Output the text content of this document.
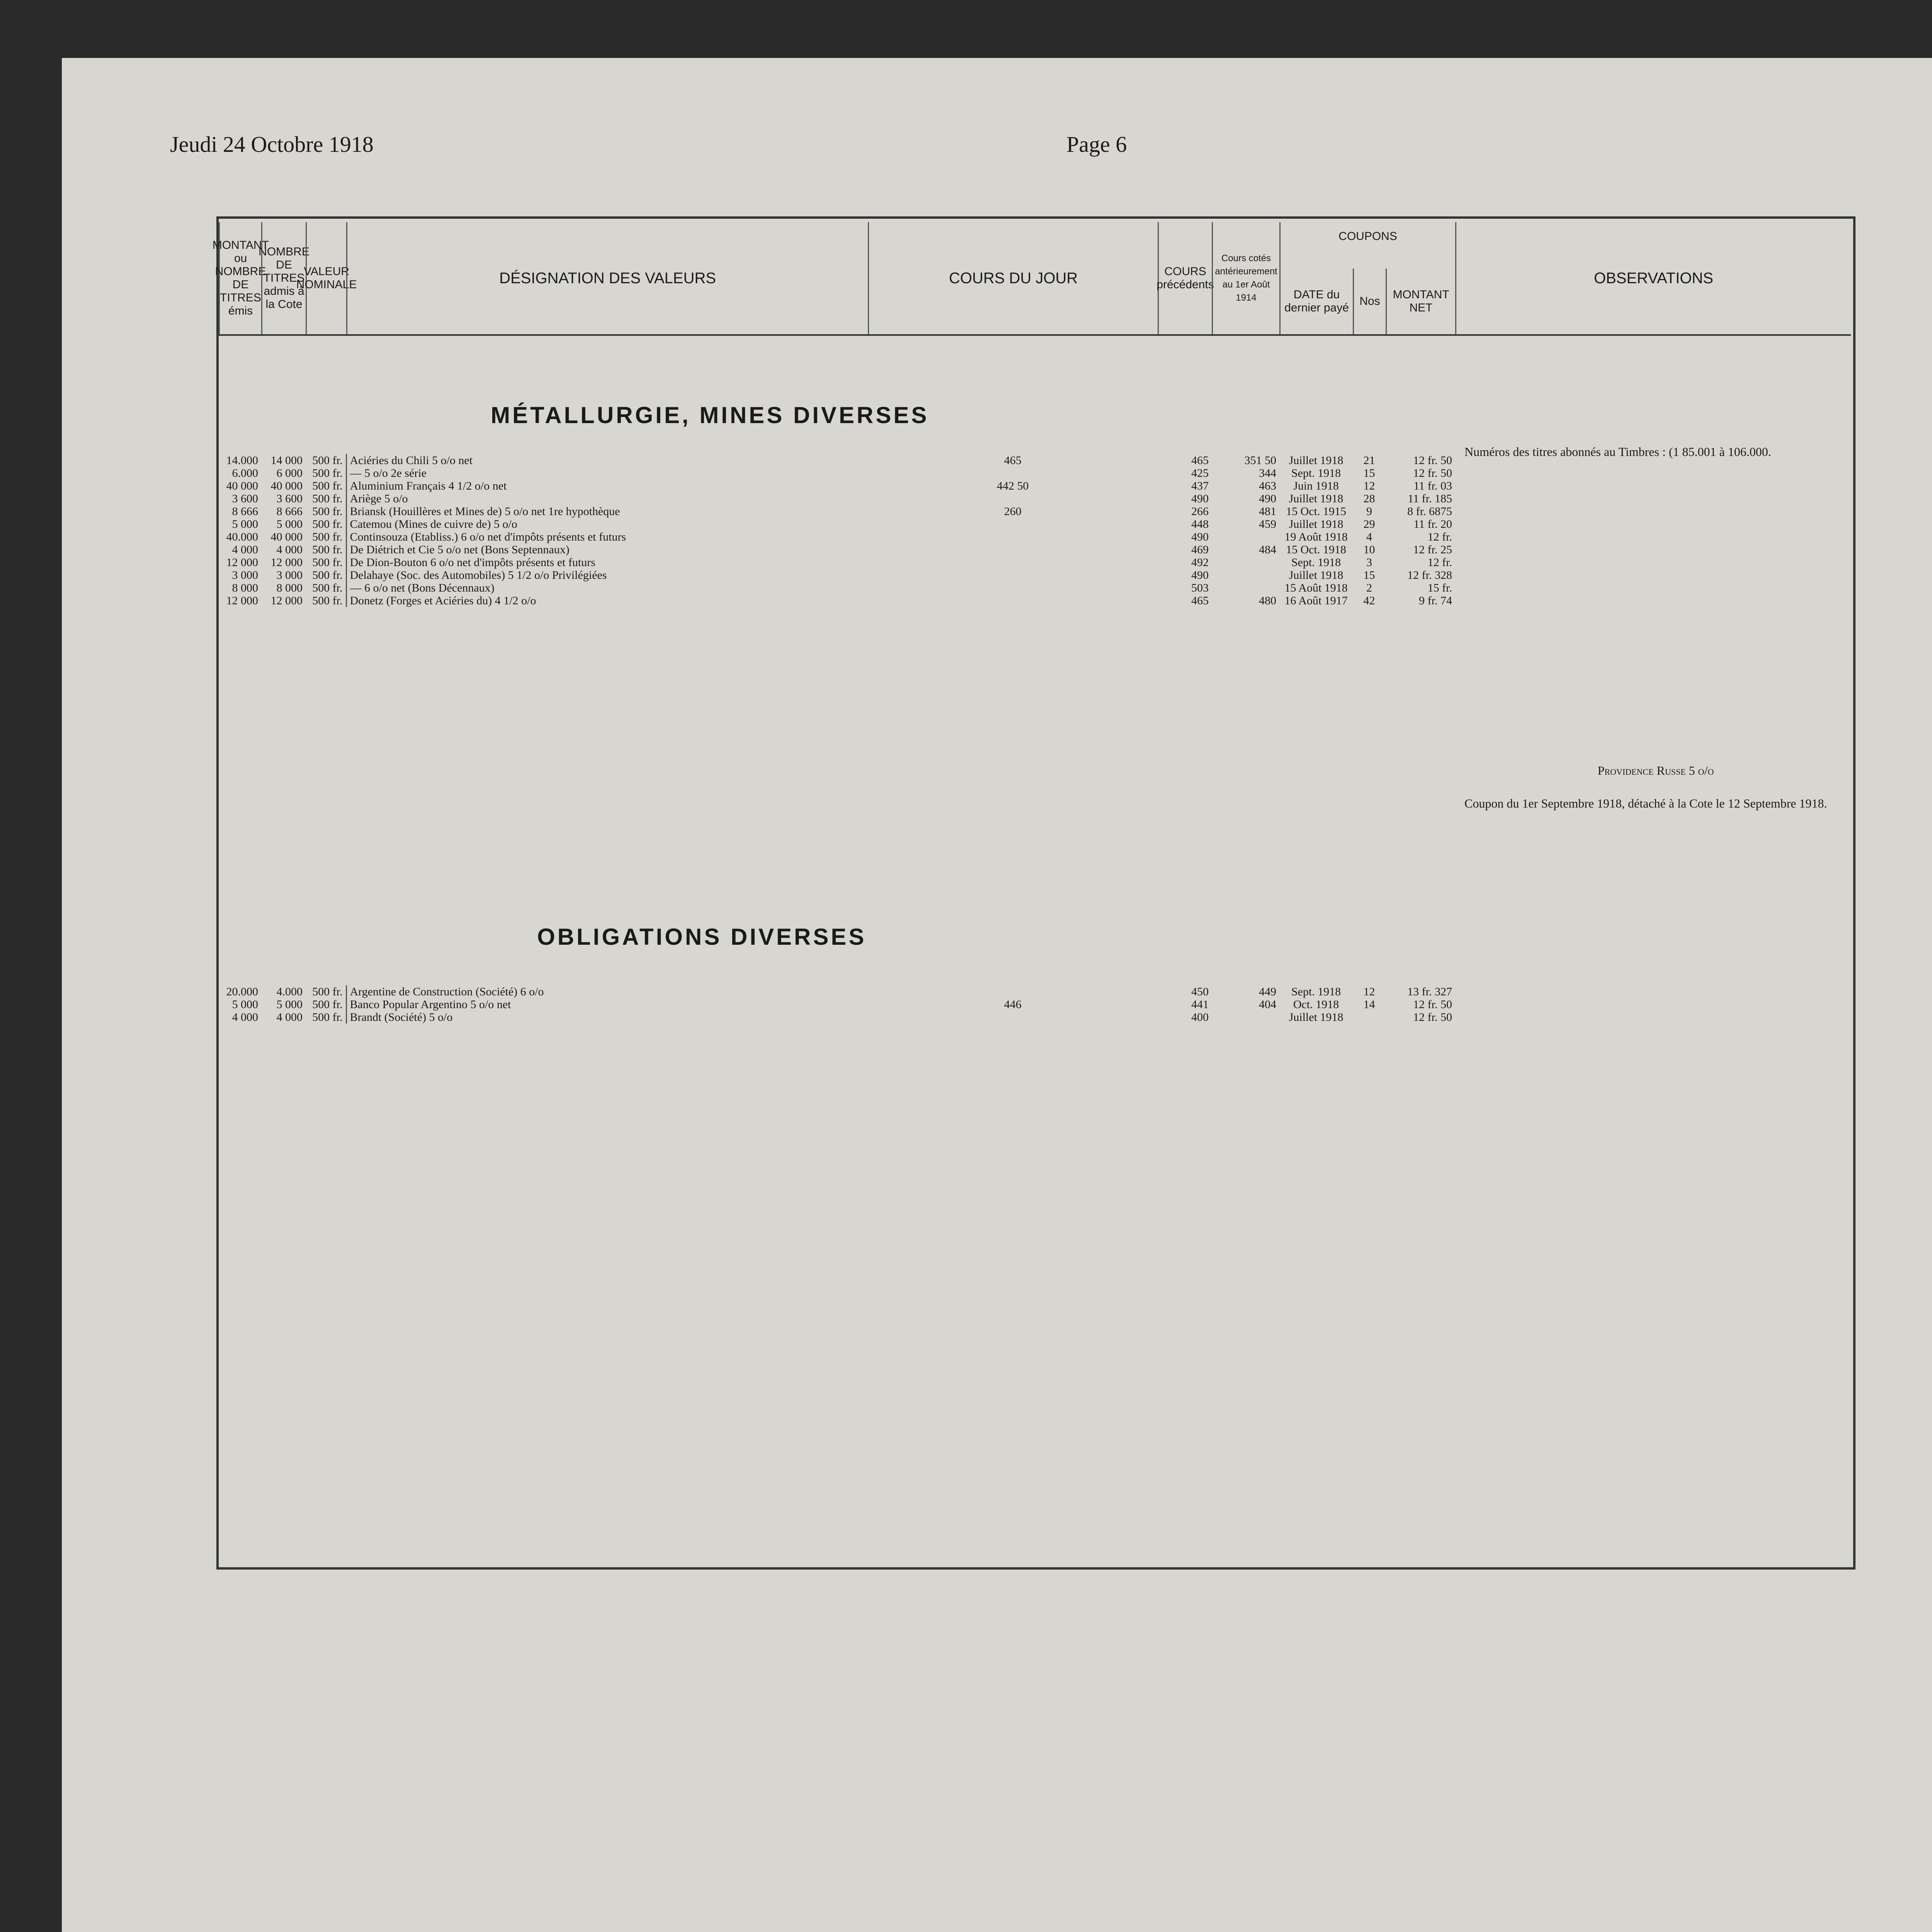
Jeudi 24 Octobre 1918	Page 6
MONTANT ou NOMBRE DE TITRES émis
NOMBRE DE TITRES admis à la Cote
VALEUR NOMINALE	DÉSIGNATION DES VALEURS	COURS DU JOUR	COURS précédents
Cours cotés antérieurement au 1er Août 1914
COUPONS
DATE du dernier payé
Nos
MONTANT NET
OBSERVATIONS
MÉTALLURGIE, MINES DIVERSES
14.000	14 000	500 fr.	Aciéries du Chili 5 o/o net	465	465	351 50	Juillet 1918	21	12 fr. 50
6.000	6 000	500 fr.	— 5 o/o 2e série		425	344	Sept. 1918	15	12 fr. 50
40 000	40 000	500 fr.	Aluminium Français 4 1/2 o/o net	442 50	437	463	Juin 1918	12	11 fr. 03
3 600	3 600	500 fr.	Ariège 5 o/o		490	490	Juillet 1918	28	11 fr. 185
8 666	8 666	500 fr.	Briansk (Houillères et Mines de) 5 o/o net 1re hypothèque	260	266	481	15 Oct. 1915	9	8 fr. 6875
5 000	5 000	500 fr.	Catemou (Mines de cuivre de) 5 o/o		448	459	Juillet 1918	29	11 fr. 20
40.000	40 000	500 fr.	Continsouza (Etabliss.) 6 o/o net d'impôts présents et futurs		490		19 Août 1918	4	12 fr.
4 000	4 000	500 fr.	De Diétrich et Cie 5 o/o net (Bons Septennaux)		469	484	15 Oct. 1918	10	12 fr. 25
12 000	12 000	500 fr.	De Dion-Bouton 6 o/o net d'impôts présents et futurs		492		Sept. 1918	3	12 fr.
3 000	3 000	500 fr.	Delahaye (Soc. des Automobiles) 5 1/2 o/o Privilégiées		490		Juillet 1918	15	12 fr. 328
8 000	8 000	500 fr.	— 6 o/o net (Bons Décennaux)		503		15 Août 1918	2	15 fr.
12 000	12 000	500 fr.	Donetz (Forges et Aciéries du) 4 1/2 o/o		465	480	16 Août 1917	42	9 fr. 74
OBLIGATIONS DIVERSES
20.000	4.000	500 fr.	Argentine de Construction (Société) 6 o/o		450	449	Sept. 1918	12	13 fr. 327
5 000	5 000	500 fr.	Banco Popular Argentino 5 o/o net	446	441	404	Oct. 1918	14	12 fr. 50
4 000	4 000	500 fr.	Brandt (Société) 5 o/o		400		Juillet 1918		12 fr. 50
Numéros des titres abonnés au Timbres : (1 85.001 à 106.000.
Providence Russe 5 o/o
Coupon du 1er Septembre 1918, détaché à la Cote le 12 Septembre 1918.
